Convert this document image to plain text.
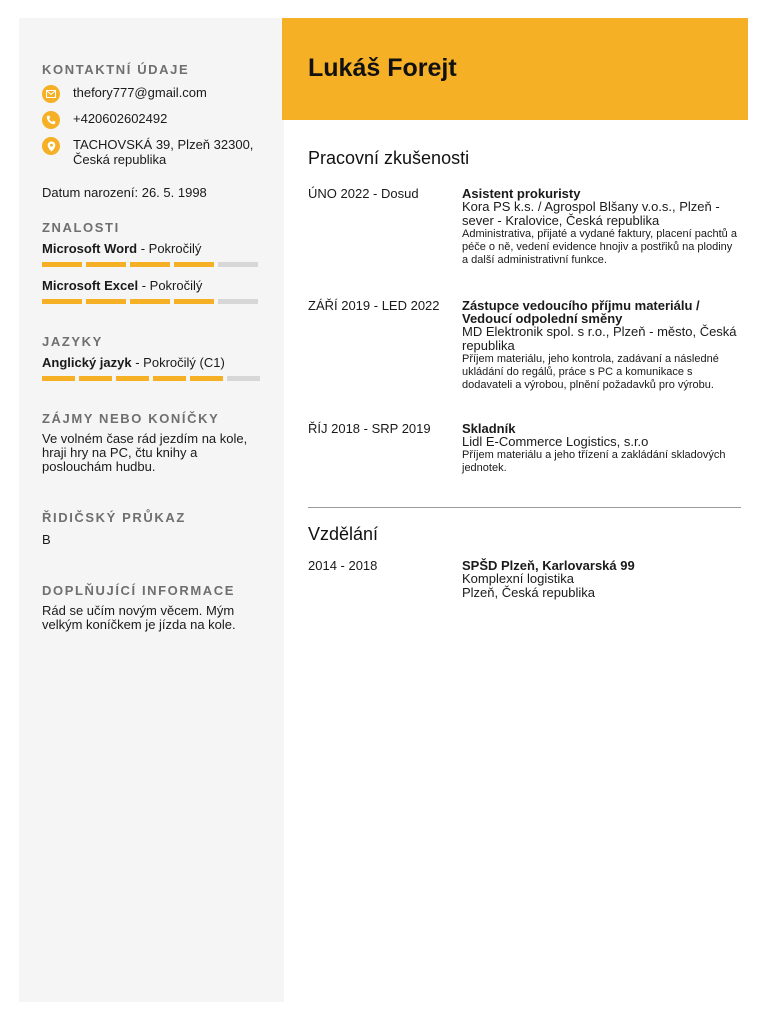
KONTAKTNÍ ÚDAJE
thefory777@gmail.com
+420602602492
TACHOVSKÁ 39, Plzeň 32300,
Česká republika
Datum narození: 26. 5. 1998
ZNALOSTI
Microsoft Word - Pokročilý
Microsoft Excel - Pokročilý
JAZYKY
Anglický jazyk - Pokročilý (C1)
ZÁJMY NEBO KONÍČKY
Ve volném čase rád jezdím na kole, hraji hry na PC, čtu knihy a poslouchám hudbu.
ŘIDIČSKÝ PRŮKAZ
B
DOPLŇUJÍCÍ INFORMACE
Rád se učím novým věcem. Mým velkým koníčkem je jízda na kole.
Lukáš Forejt
Pracovní zkušenosti
ÚNO 2022 - Dosud	Asistent prokuristy
Kora PS k.s. / Agrospol Blšany v.o.s., Plzeň - sever - Kralovice, Česká republika
Administrativa, přijaté a vydané faktury, placení pachtů a péče o ně, vedení evidence hnojiv a postřiků na plodiny a další administrativní funkce.
ZÁŘÍ 2019 - LED 2022	Zástupce vedoucího příjmu materiálu / Vedoucí odpolední směny
MD Elektronik spol. s r.o., Plzeň - město, Česká republika
Příjem materiálu, jeho kontrola, zadávaní a následné ukládání do regálů, práce s PC a komunikace s dodavateli a výrobou, plnění požadavků pro výrobu.
ŘÍJ 2018 - SRP 2019	Skladník
Lidl E-Commerce Logistics, s.r.o
Příjem materiálu a jeho třízení a zakládání skladových jednotek.
Vzdělání
2014 - 2018	SPŠD Plzeň, Karlovarská 99
Komplexní logistika
Plzeň, Česká republika
